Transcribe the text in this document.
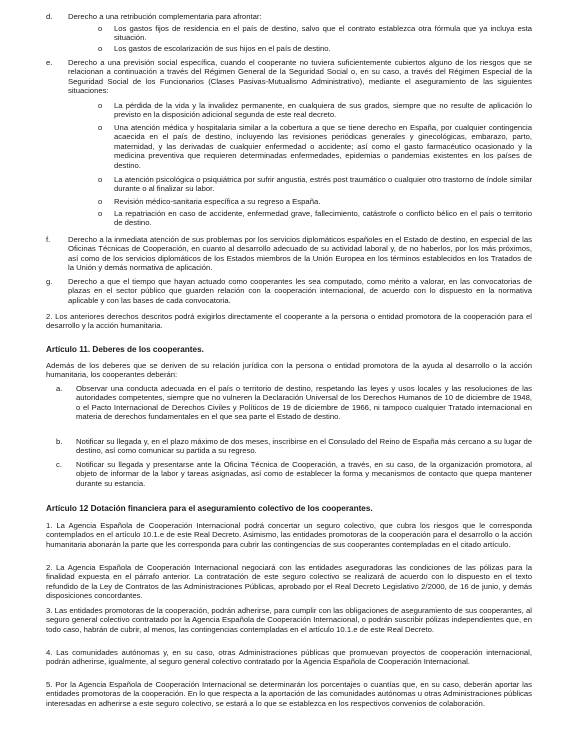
d. Derecho a una retribución complementaria para afrontar:
o Los gastos fijos de residencia en el país de destino, salvo que el contrato establezca otra fórmula que ya incluya esta situación.
o Los gastos de escolarización de sus hijos en el país de destino.
e. Derecho a una previsión social específica, cuando el cooperante no tuviera suficientemente cubiertos alguno de los riesgos que se relacionan a continuación a través del Régimen General de la Seguridad Social o, en su caso, a través del Régimen Especial de la Seguridad Social de los Funcionarios (Clases Pasivas-Mutualismo Administrativo), mediante el aseguramiento de las siguientes situaciones:
o La pérdida de la vida y la invalidez permanente, en cualquiera de sus grados, siempre que no resulte de aplicación lo previsto en la disposición adicional segunda de este real decreto.
o Una atención médica y hospitalaria similar a la cobertura a que se tiene derecho en España, por cualquier contingencia acaecida en el país de destino, incluyendo las revisiones periódicas generales y ginecológicas, embarazo, parto, maternidad, y las derivadas de cualquier enfermedad o accidente; así como el gasto farmacéutico ocasionado y la medicina preventiva que requieren determinadas enfermedades, epidemias o pandemias existentes en los países de destino.
o La atención psicológica o psiquiátrica por sufrir angustia, estrés post traumático o cualquier otro trastorno de índole similar durante o al finalizar su labor.
o Revisión médico-sanitaria específica a su regreso a España.
o La repatriación en caso de accidente, enfermedad grave, fallecimiento, catástrofe o conflicto bélico en el país o territorio de destino.
f. Derecho a la inmediata atención de sus problemas por los servicios diplomáticos españoles en el Estado de destino, en especial de las Oficinas Técnicas de Cooperación, en cuanto al desarrollo adecuado de su actividad laboral y, de no haberlos, por los más próximos, así como de los servicios diplomáticos de los Estados miembros de la Unión Europea en los términos establecidos en los Tratados de la Unión y demás normativa de aplicación.
g. Derecho a que el tiempo que hayan actuado como cooperantes les sea computado, como mérito a valorar, en las convocatorias de plazas en el sector público que guarden relación con la cooperación internacional, de acuerdo con lo dispuesto en la normativa aplicable y con las bases de cada convocatoria.

2. Los anteriores derechos descritos podrá exigirlos directamente el cooperante a la persona o entidad promotora de la cooperación para el desarrollo y la acción humanitaria.

Artículo 11. Deberes de los cooperantes.

Además de los deberes que se deriven de su relación jurídica con la persona o entidad promotora de la ayuda al desarrollo o la acción humanitaria, los cooperantes deberán:

a. Observar una conducta adecuada en el país o territorio de destino, respetando las leyes y usos locales y las resoluciones de las autoridades competentes, siempre que no vulneren la Declaración Universal de los Derechos Humanos de 10 de diciembre de 1948, o el Pacto Internacional de Derechos Civiles y Políticos de 19 de diciembre de 1966, ni tampoco cualquier Tratado internacional en materia de derechos fundamentales en el que sea parte el Estado de destino.
b. Notificar su llegada y, en el plazo máximo de dos meses, inscribirse en el Consulado del Reino de España más cercano a su lugar de destino, así como comunicar su partida a su regreso.
c. Notificar su llegada y presentarse ante la Oficina Técnica de Cooperación, a través, en su caso, de la organización promotora, al objeto de informar de la labor y tareas asignadas, así como de establecer la forma y mecanismos de contacto que quepa mantener durante su estancia.

Artículo 12 Dotación financiera para el aseguramiento colectivo de los cooperantes.

1. La Agencia Española de Cooperación Internacional podrá concertar un seguro colectivo, que cubra los riesgos que le corresponda contemplados en el artículo 10.1.e de este Real Decreto. Asimismo, las entidades promotoras de la cooperación para el desarrollo o la acción humanitaria abonarán la parte que les corresponda para cubrir las contingencias de sus cooperantes contempladas en el citado artículo.

2. La Agencia Española de Cooperación Internacional negociará con las entidades aseguradoras las condiciones de las pólizas para la finalidad expuesta en el párrafo anterior. La contratación de este seguro colectivo se realizará de acuerdo con lo dispuesto en el texto refundido de la Ley de Contratos de las Administraciones Públicas, aprobado por el Real Decreto Legislativo 2/2000, de 16 de junio, y demás disposiciones concordantes.

3. Las entidades promotoras de la cooperación, podrán adherirse, para cumplir con las obligaciones de aseguramiento de sus cooperantes, al seguro general colectivo contratado por la Agencia Española de Cooperación Internacional, o podrán suscribir pólizas independientes que, en todo caso, habrán de cubrir, al menos, las contingencias contempladas en el artículo 10.1.e de este Real Decreto.

4. Las comunidades autónomas y, en su caso, otras Administraciones públicas que promuevan proyectos de cooperación internacional, podrán adherirse, igualmente, al seguro general colectivo contratado por la Agencia Española de Cooperación Internacional.

5. Por la Agencia Española de Cooperación Internacional se determinarán los porcentajes o cuantías que, en su caso, deberán aportar las entidades promotoras de la cooperación. En lo que respecta a la aportación de las comunidades autónomas u otras Administraciones públicas interesadas en adherirse a este seguro colectivo, se estará a lo que se establezca en los respectivos convenios de colaboración.
